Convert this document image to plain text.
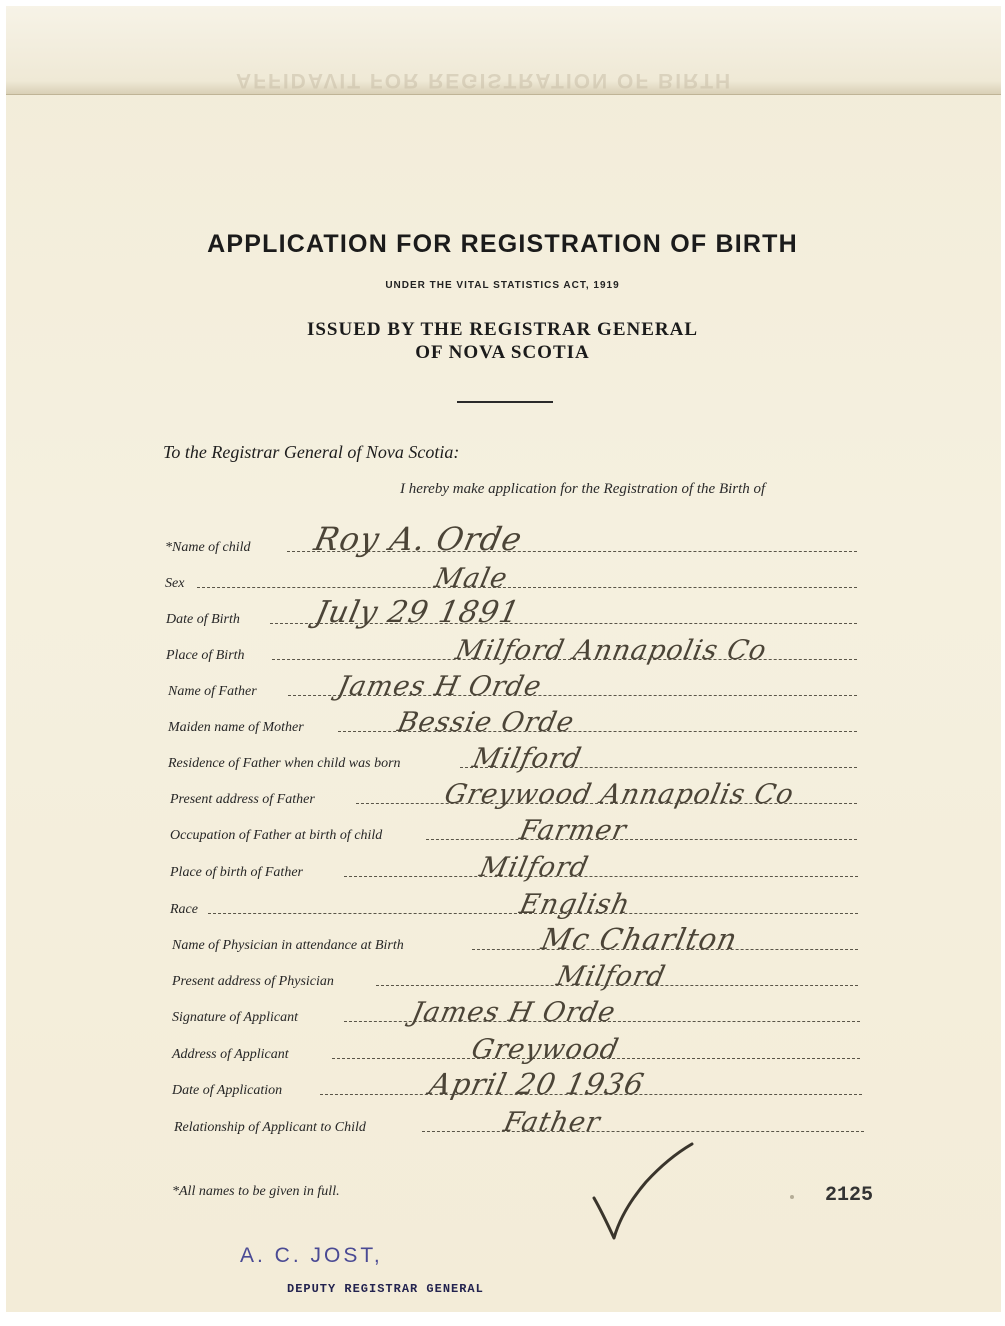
AFFIDAVIT FOR REGISTRATION OF BIRTH
APPLICATION FOR REGISTRATION OF BIRTH
UNDER THE VITAL STATISTICS ACT, 1919
ISSUED BY THE REGISTRAR GENERAL
OF NOVA SCOTIA
To the Registrar General of Nova Scotia:
I hereby make application for the Registration of the Birth of
*Name of child Roy A. Orde
Sex	Male
Date of Birth July 29 1891
Place of Birth	Milford Annapolis Co
Name of Father	James H Orde
Maiden name of Mother	Bessie Orde
Residence of Father when child was born	Milford
Present address of Father	Greywood Annapolis Co
Occupation of Father at birth of child	Farmer
Place of birth of Father	Milford
Race	English
Name of Physician in attendance at Birth	Mc Charlton
Present address of Physician	Milford
Signature of Applicant	James H Orde
Address of Applicant	Greywood
Date of Application	April 20 1936
Relationship of Applicant to Child	Father
*All names to be given in full.	2125
A. C. JOST,
DEPUTY REGISTRAR GENERAL
